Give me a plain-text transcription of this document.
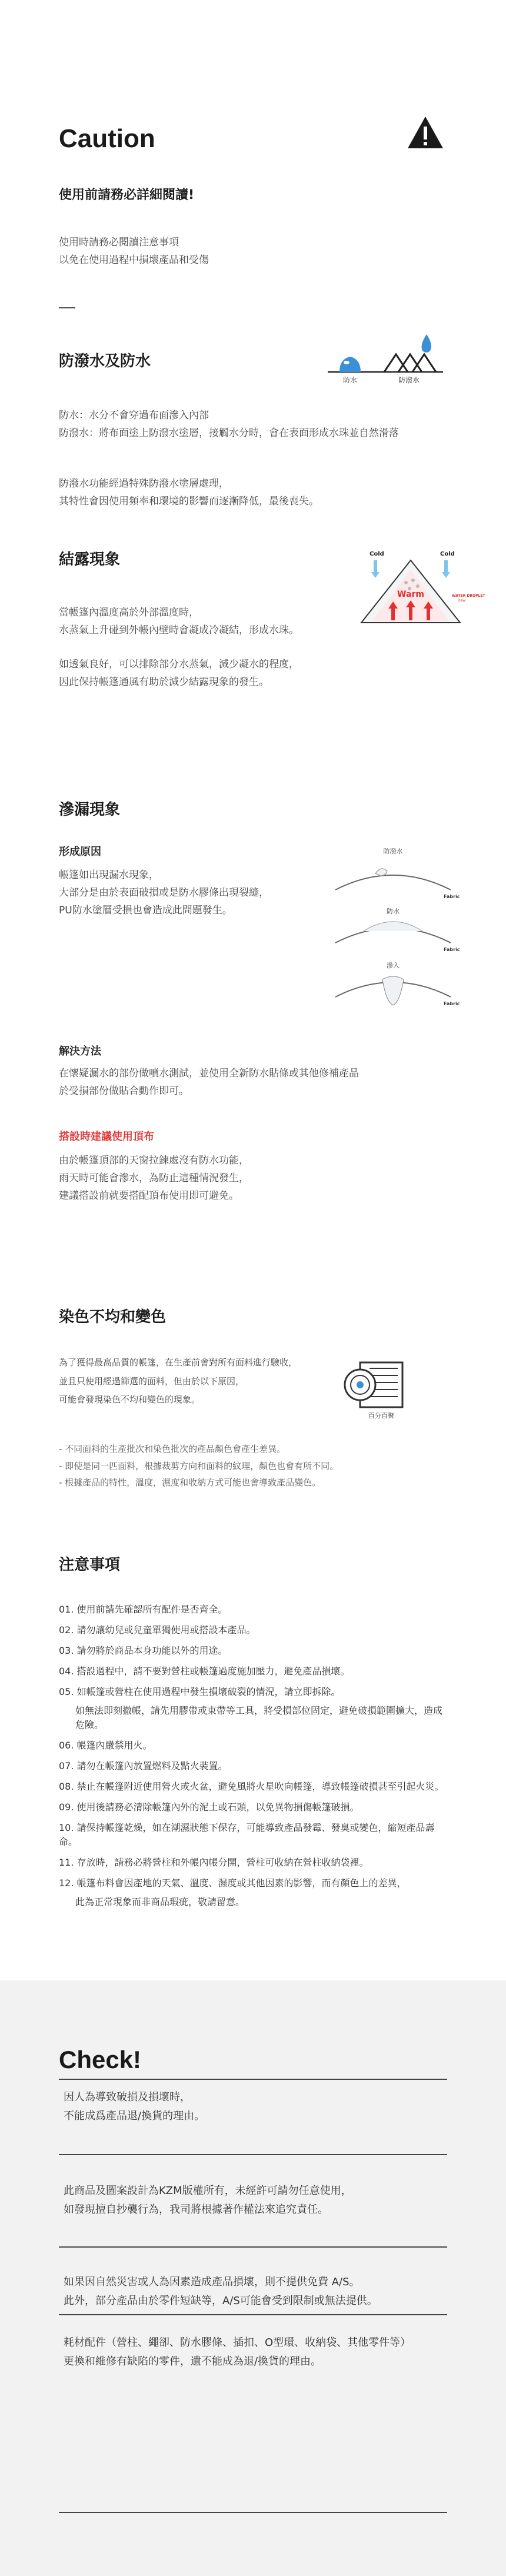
Caution
使用前請務必詳細閱讀!
使用時請務必閱讀注意事項
以免在使用過程中損壞產品和受傷
防潑水及防水
防水	防潑水
防水：水分不會穿過布面滲入內部
防潑水：將布面塗上防潑水塗層，接觸水分時，會在表面形成水珠並自然滑落
防潑水功能經過特殊防潑水塗層處理，
其特性會因使用頻率和環境的影響而逐漸降低，最後喪失。
結露現象	Cold	Cold
Warm	WATER DROPLET
Dew
當帳篷內溫度高於外部溫度時，
水蒸氣上升碰到外帳內壁時會凝成冷凝結，形成水珠。
如透氣良好，可以排除部分水蒸氣，減少凝水的程度，
因此保持帳篷通風有助於減少結露現象的發生。
滲漏現象
形成原因
帳篷如出現漏水現象，
大部分是由於表面破損或是防水膠條出現裂縫，
PU防水塗層受損也會造成此問題發生。
防潑水
Fabric
防水
Fabric
滲入
Fabric
解決方法
在懷疑漏水的部份做噴水測試，並使用全新防水貼條或其他修補產品
於受損部份做貼合動作即可。
搭設時建議使用頂布
由於帳篷頂部的天窗拉鍊處沒有防水功能，
雨天時可能會滲水，為防止這種情況發生，
建議搭設前就要搭配頂布使用即可避免。
染色不均和變色
為了獲得最高品質的帳篷，在生產前會對所有面料進行驗收，
並且只使用經過篩選的面料，但由於以下原因，
可能會發現染色不均和變色的現象。
百分百聚
- 不同面料的生產批次和染色批次的產品顏色會產生差異。
- 即使是同一匹面料，根據裁剪方向和面料的紋理，顏色也會有所不同。
- 根據產品的特性，溫度，濕度和收納方式可能也會導致產品變色。
注意事項
01. 使用前請先確認所有配件是否齊全。
02. 請勿讓幼兒或兒童單獨使用或搭設本產品。
03. 請勿將於商品本身功能以外的用途。
04. 搭設過程中，請不要對營柱或帳篷過度施加壓力，避免產品損壞。
05. 如帳篷或營柱在使用過程中發生損壞破裂的情況，請立即拆除。
如無法即刻撤帳，請先用膠帶或束帶等工具，將受損部位固定，避免破損範圍擴大，造成危險。
06. 帳篷內嚴禁用火。
07. 請勿在帳篷內放置燃料及點火裝置。
08. 禁止在帳篷附近使用營火或火盆，避免風將火星吹向帳篷，導致帳篷破損甚至引起火災。
09. 使用後請務必清除帳篷內外的泥土或石頭，以免異物損傷帳篷破損。
10. 請保持帳篷乾燥，如在潮濕狀態下保存，可能導致產品發霉、發臭或變色，縮短產品壽命。
11. 存放時，請務必將營柱和外帳內帳分開，營柱可收納在營柱收納袋裡。
12. 帳篷布料會因產地的天氣、溫度、濕度或其他因素的影響，而有顏色上的差異，
此為正常現象而非商品瑕疵，敬請留意。
Check!
因人為導致破損及損壞時，
不能成爲產品退/換貨的理由。
此商品及圖案設計為KZM版權所有，未經許可請勿任意使用，
如發現擅自抄襲行為，我司將根據著作權法來追究責任。
如果因自然災害或人為因素造成產品損壞，則不提供免費 A/S。
此外，部分產品由於零件短缺等，A/S可能會受到限制或無法提供。
耗材配件（營柱、繩卻、防水膠條、插扣、O型環、收納袋、其他零件等）
更換和維修有缺陷的零件，遺不能成為退/換貨的理由。
